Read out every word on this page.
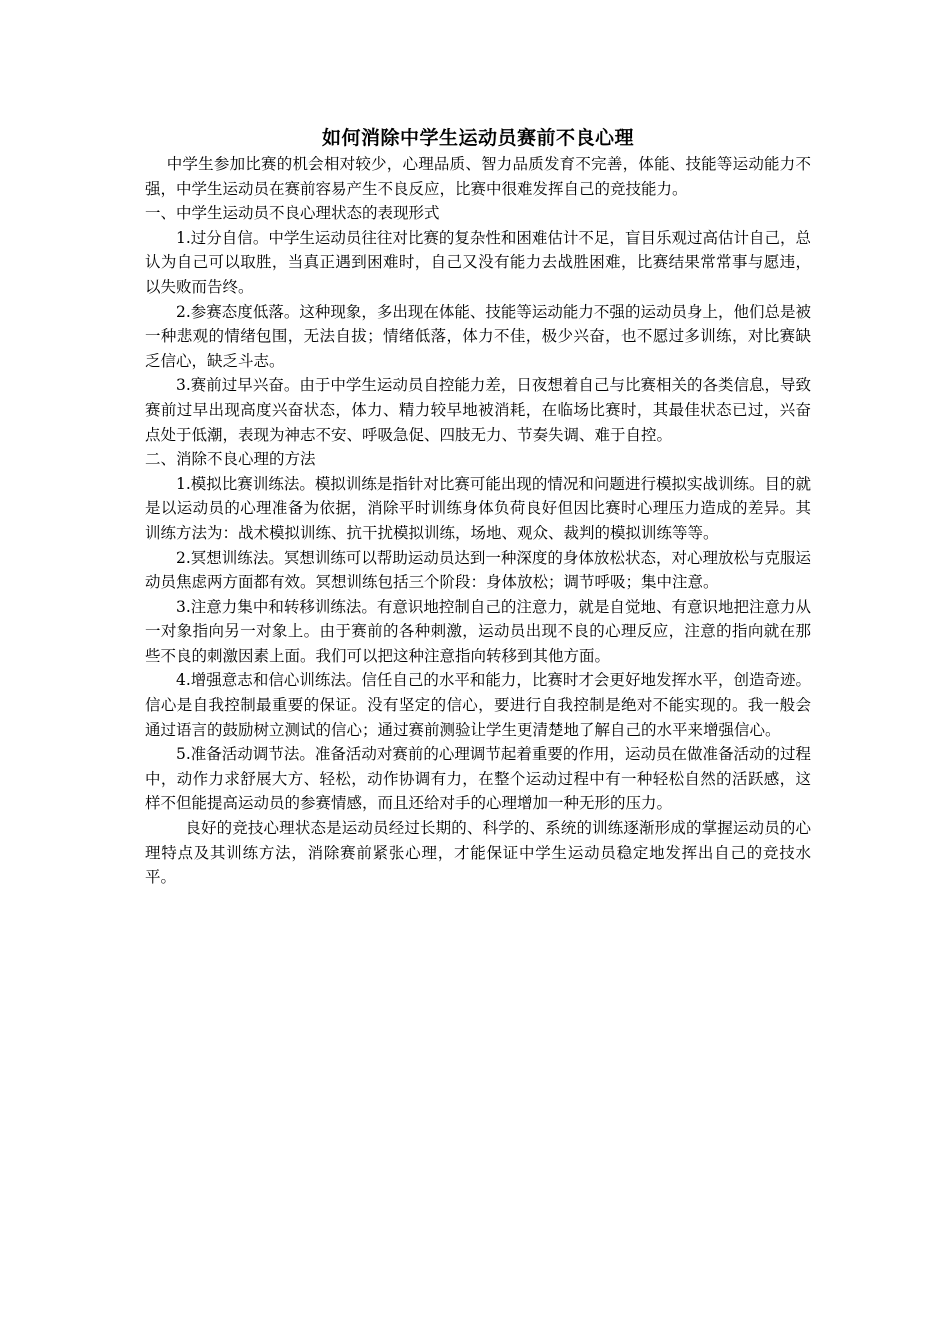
如何消除中学生运动员赛前不良心理

中学生参加比赛的机会相对较少，心理品质、智力品质发育不完善，体能、技能等运动能力不强，中学生运动员在赛前容易产生不良反应，比赛中很难发挥自己的竞技能力。

一、中学生运动员不良心理状态的表现形式

1.过分自信。中学生运动员往往对比赛的复杂性和困难估计不足，盲目乐观过高估计自己，总认为自己可以取胜，当真正遇到困难时，自己又没有能力去战胜困难，比赛结果常常事与愿违，以失败而告终。

2.参赛态度低落。这种现象，多出现在体能、技能等运动能力不强的运动员身上，他们总是被一种悲观的情绪包围，无法自拔；情绪低落，体力不佳，极少兴奋，也不愿过多训练，对比赛缺乏信心，缺乏斗志。

3.赛前过早兴奋。由于中学生运动员自控能力差，日夜想着自己与比赛相关的各类信息，导致赛前过早出现高度兴奋状态，体力、精力较早地被消耗，在临场比赛时，其最佳状态已过，兴奋点处于低潮，表现为神志不安、呼吸急促、四肢无力、节奏失调、难于自控。

二、消除不良心理的方法

1.模拟比赛训练法。模拟训练是指针对比赛可能出现的情况和问题进行模拟实战训练。目的就是以运动员的心理准备为依据，消除平时训练身体负荷良好但因比赛时心理压力造成的差异。其训练方法为：战术模拟训练、抗干扰模拟训练，场地、观众、裁判的模拟训练等等。

2.冥想训练法。冥想训练可以帮助运动员达到一种深度的身体放松状态，对心理放松与克服运动员焦虑两方面都有效。冥想训练包括三个阶段：身体放松；调节呼吸；集中注意。

3.注意力集中和转移训练法。有意识地控制自己的注意力，就是自觉地、有意识地把注意力从一对象指向另一对象上。由于赛前的各种刺激，运动员出现不良的心理反应，注意的指向就在那些不良的刺激因素上面。我们可以把这种注意指向转移到其他方面。

4.增强意志和信心训练法。信任自己的水平和能力，比赛时才会更好地发挥水平，创造奇迹。信心是自我控制最重要的保证。没有坚定的信心，要进行自我控制是绝对不能实现的。我一般会通过语言的鼓励树立测试的信心；通过赛前测验让学生更清楚地了解自己的水平来增强信心。

5.准备活动调节法。准备活动对赛前的心理调节起着重要的作用，运动员在做准备活动的过程中，动作力求舒展大方、轻松，动作协调有力，在整个运动过程中有一种轻松自然的活跃感，这样不但能提高运动员的参赛情感，而且还给对手的心理增加一种无形的压力。

良好的竞技心理状态是运动员经过长期的、科学的、系统的训练逐渐形成的掌握运动员的心理特点及其训练方法，消除赛前紧张心理，才能保证中学生运动员稳定地发挥出自己的竞技水平。
